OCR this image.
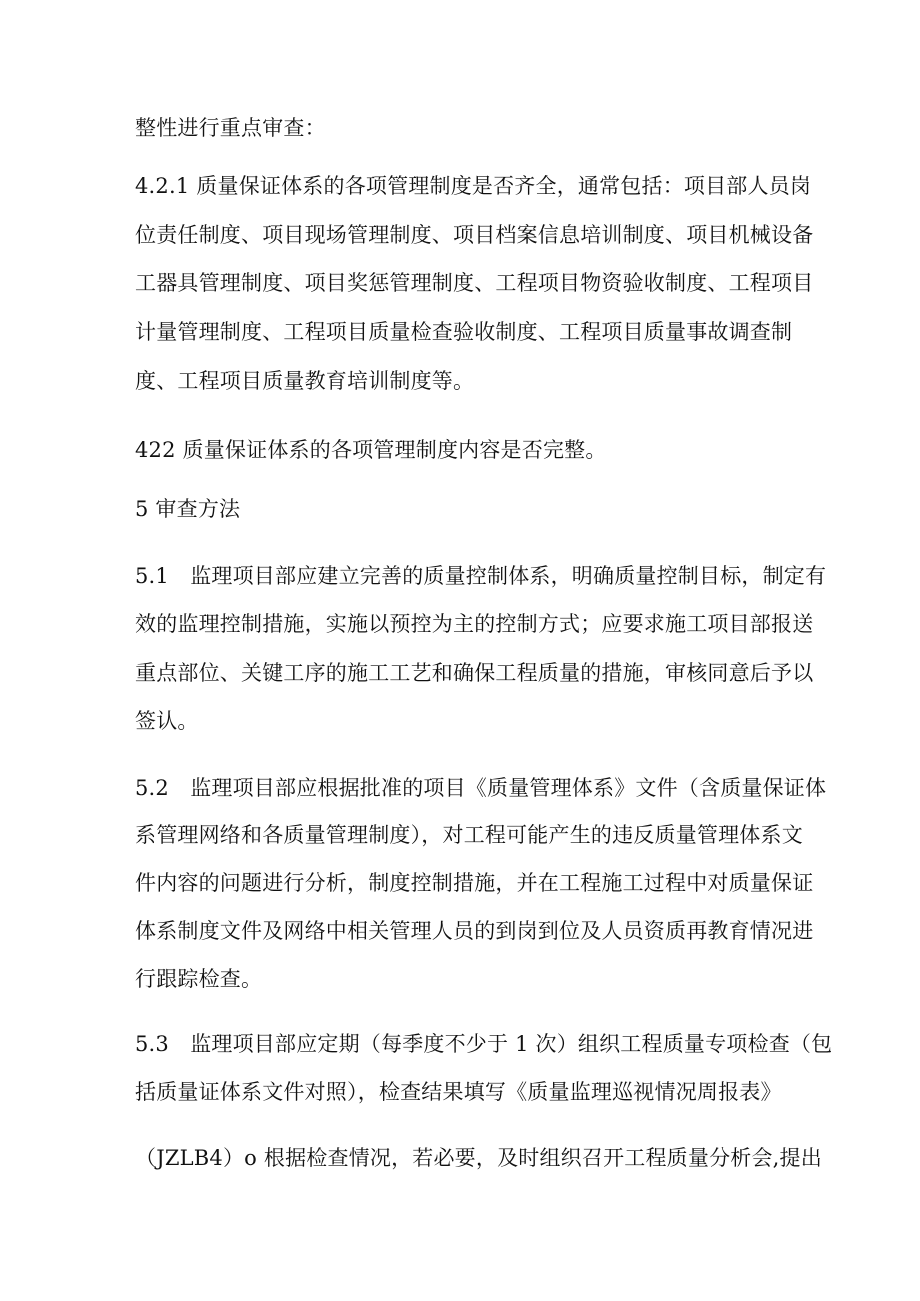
整性进行重点审查：
4.2.1 质量保证体系的各项管理制度是否齐全，通常包括：项目部人员岗
位责任制度、项目现场管理制度、项目档案信息培训制度、项目机械设备
工器具管理制度、项目奖惩管理制度、工程项目物资验收制度、工程项目
计量管理制度、工程项目质量检查验收制度、工程项目质量事故调查制
度、工程项目质量教育培训制度等。
422 质量保证体系的各项管理制度内容是否完整。
5 审查方法
5.1　监理项目部应建立完善的质量控制体系，明确质量控制目标，制定有
效的监理控制措施，实施以预控为主的控制方式；应要求施工项目部报送
重点部位、关键工序的施工工艺和确保工程质量的措施，审核同意后予以
签认。
5.2　监理项目部应根据批准的项目《质量管理体系》文件（含质量保证体
系管理网络和各质量管理制度），对工程可能产生的违反质量管理体系文
件内容的问题进行分析，制度控制措施，并在工程施工过程中对质量保证
体系制度文件及网络中相关管理人员的到岗到位及人员资质再教育情况进
行跟踪检查。
5.3　监理项目部应定期（每季度不少于 1 次）组织工程质量专项检查（包
括质量证体系文件对照），检查结果填写《质量监理巡视情况周报表》
（JZLB4）o 根据检查情况，若必要，及时组织召开工程质量分析会,提出
